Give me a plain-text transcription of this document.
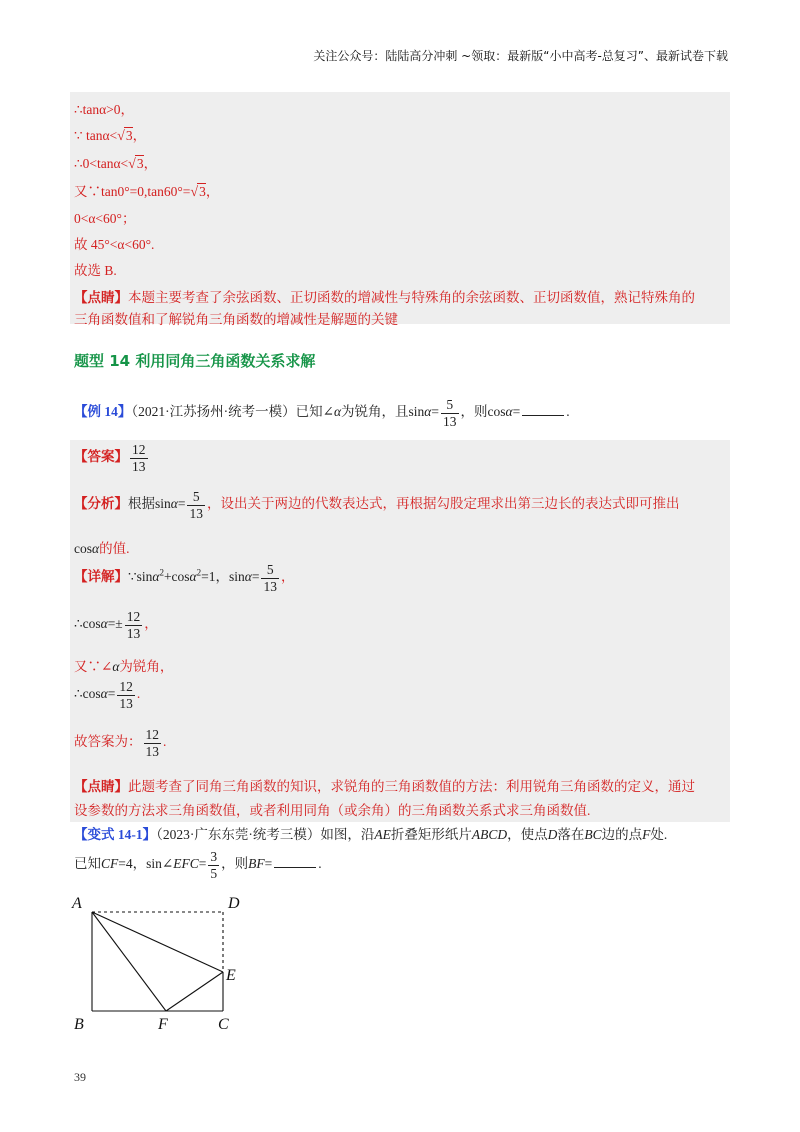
关注公众号：陆陆高分冲刺 ~领取：最新版“小中高考-总复习”、最新试卷下载
∴tanα>0，
∵ tanα<√3，
∴0<tanα<√3，
又∵tan0°=0,tan60°=√3，
0<α<60°；
故 45°<α<60°.
故选 B.
【点睛】本题主要考查了余弦函数、正切函数的增减性与特殊角的余弦函数、正切函数值，熟记特殊角的
三角函数值和了解锐角三角函数的增减性是解题的关键
题型 14 利用同角三角函数关系求解
【例 14】（2021·江苏扬州·统考一模）已知∠α为锐角，且$\sin\alpha= \frac{5}{13}$ ，则cosα=	.
【答案】 $\frac{12}{13}$
【分析】根据$\sin\alpha= \frac{5}{13}$ ，设出关于两边的代数表达式，再根据勾股定理求出第三边长的表达式即可推出
cosα的值.
【详解】∵sinα$^2$+cosα$^2$=1，$\sin\alpha= \frac{5}{13}$ ，
∴cosα=± $\frac{12}{13}$ ，
又∵∠α为锐角，
∴cosα= $\frac{12}{13}$ .
故答案为： $\frac{12}{13}$ .
【点睛】此题考查了同角三角函数的知识，求锐角的三角函数值的方法：利用锐角三角函数的定义，通过
设参数的方法求三角函数值，或者利用同角（或余角）的三角函数关系式求三角函数值.
【变式 14-1】（2023·广东东莞·统考三模）如图，沿AE折叠矩形纸片ABCD，使点D落在BC边的点F处.
已知CF=4，sin∠EFC= $\frac{3}{5}$ ，则BF=	.
A	D
E
B	F	C
39
